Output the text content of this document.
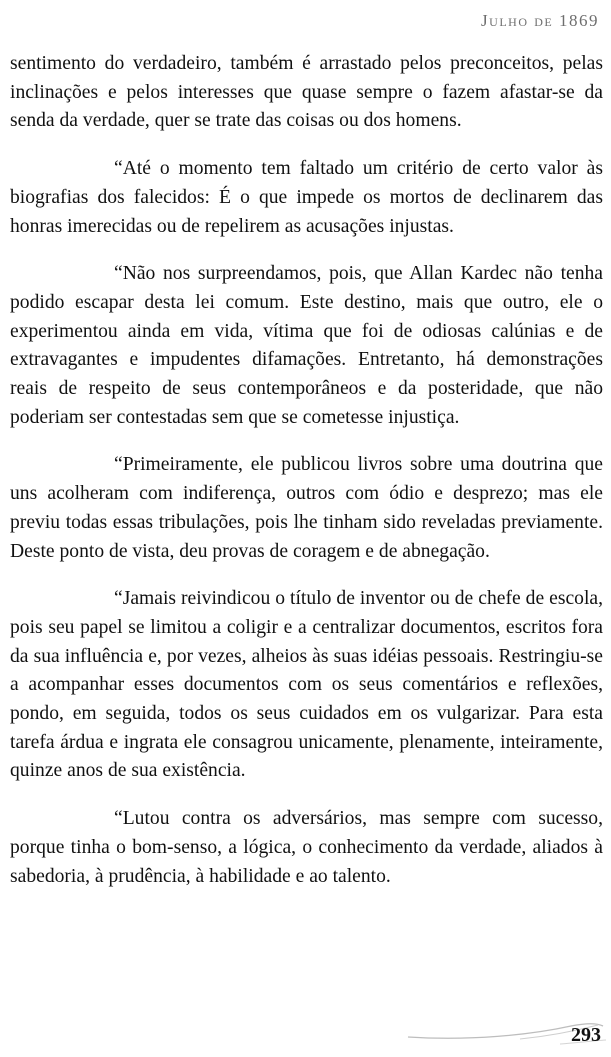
Julho de 1869

sentimento do verdadeiro, também é arrastado pelos preconceitos, pelas inclinações e pelos interesses que quase sempre o fazem afastar-se da senda da verdade, quer se trate das coisas ou dos homens.

“Até o momento tem faltado um critério de certo valor às biografias dos falecidos: É o que impede os mortos de declinarem das honras imerecidas ou de repelirem as acusações injustas.

“Não nos surpreendamos, pois, que Allan Kardec não tenha podido escapar desta lei comum. Este destino, mais que outro, ele o experimentou ainda em vida, vítima que foi de odiosas calúnias e de extravagantes e impudentes difamações. Entretanto, há demonstrações reais de respeito de seus contemporâneos e da posteridade, que não poderiam ser contestadas sem que se cometesse injustiça.

“Primeiramente, ele publicou livros sobre uma doutrina que uns acolheram com indiferença, outros com ódio e desprezo; mas ele previu todas essas tribulações, pois lhe tinham sido reveladas previamente. Deste ponto de vista, deu provas de coragem e de abnegação.

“Jamais reivindicou o título de inventor ou de chefe de escola, pois seu papel se limitou a coligir e a centralizar documentos, escritos fora da sua influência e, por vezes, alheios às suas idéias pessoais. Restringiu-se a acompanhar esses documentos com os seus comentários e reflexões, pondo, em seguida, todos os seus cuidados em os vulgarizar. Para esta tarefa árdua e ingrata ele consagrou unicamente, plenamente, inteiramente, quinze anos de sua existência.

“Lutou contra os adversários, mas sempre com sucesso, porque tinha o bom-senso, a lógica, o conhecimento da verdade, aliados à sabedoria, à prudência, à habilidade e ao talento.

293
